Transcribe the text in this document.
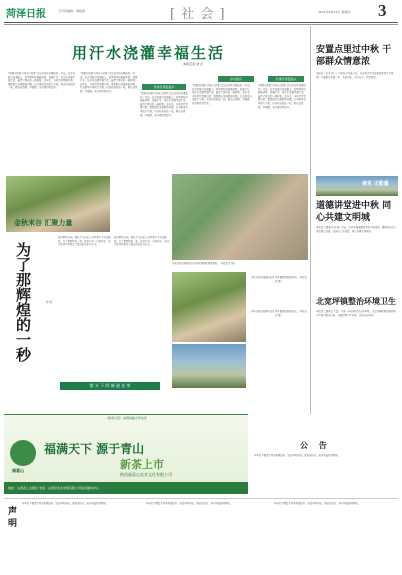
菏泽日报	专刊部编辑：黄晓燕	[ 社 会 ]	2021年8月24日 星期四 3
用汗水浇灌幸福生活
本报记者 刘 云
“把群众的事当作自己的事”这是他常挂在嘴边的一句话。在乡村振兴的道路上，他带领村民修路架桥、发展产业，用汗水浇灌幸福生活，赢得了群众的一致称赞。近年来，当地坚持党建引领，聚焦群众急难愁盼问题，扎实推进各项民生实事，村容村貌焕然一新，群众获得感、幸福感、安全感持续提升。
“把群众的事当作自己的事”这是他常挂在嘴边的一句话。在乡村振兴的道路上，他带领村民修路架桥、发展产业，用汗水浇灌幸福生活，赢得了群众的一致称赞。近年来，当地坚持党建引领，聚焦群众急难愁盼问题，扎实推进各项民生实事，村容村貌焕然一新，群众获得感、幸福感、安全感持续提升。
党建引领促振兴
“把群众的事当作自己的事”这是他常挂在嘴边的一句话。在乡村振兴的道路上，他带领村民修路架桥、发展产业，用汗水浇灌幸福生活，赢得了群众的一致称赞。近年来，当地坚持党建引领，聚焦群众急难愁盼问题，扎实推进各项民生实事，村容村貌焕然一新，群众获得感、幸福感、安全感持续提升。
乡村振兴
“把群众的事当作自己的事”这是他常挂在嘴边的一句话。在乡村振兴的道路上，他带领村民修路架桥、发展产业，用汗水浇灌幸福生活，赢得了群众的一致称赞。近年来，当地坚持党建引领，聚焦群众急难愁盼问题，扎实推进各项民生实事，村容村貌焕然一新，群众获得感、幸福感、安全感持续提升。
党建引领促振兴
“把群众的事当作自己的事”这是他常挂在嘴边的一句话。在乡村振兴的道路上，他带领村民修路架桥、发展产业，用汗水浇灌幸福生活，赢得了群众的一致称赞。近年来，当地坚持党建引领，聚焦群众急难愁盼问题，扎实推进各项民生实事，村容村貌焕然一新，群众获得感、幸福感、安全感持续提升。
金秋米谷 汇聚力量
为了那辉煌的一秒	作者
他们默默无闻，却在平凡岗位上书写着不平凡的篇章。为了那辉煌的一秒，他们日复一日地坚守，用汗水和坚持换来了群众的笑脸与认可。
他们默默无闻，却在平凡岗位上书写着不平凡的篇章。为了那辉煌的一秒，他们日复一日地坚守，用汗水和坚持换来了群众的笑脸与认可。
青年志愿者服务队在社区开展便民服务活动。（本报记者 摄）
青年志愿者服务队在社区开展便民服务活动。（本报记者 摄）
青年志愿者服务队在社区开展便民服务活动。（本报记者 摄）
镜 头 下 四 城 通 光 荣
安置点里过中秋 干部群众情意浓
本报讯（记者 刘一）中秋佳节来临之际，各安置点里洋溢着浓浓的节日氛围，干部群众欢聚一堂，共话丰收，共庆佳节，情意浓浓。
南京 正能量
道德讲堂进中秋 同心共建文明城
本报讯（通讯员 孙 静）日前，社区开展道德讲堂进中秋活动，邀请身边好人讲述感人故事，弘扬社会正能量，同心共建文明城市。
北宽坪镇整治环境卫生
本报讯（通讯员 王磊）为进一步改善农村人居环境，北宽坪镇积极开展环境卫生集中整治行动，全面清理卫生死角，提升村容村貌。
《商务日报》品牌战略合作伙伴
福喜山
福满天下 源于青山
新茶上市
陕西福喜山农业文化有限公司
地址：山西省工业园区 电话：山西县农业发展有限公司信息服务中心
公 告
本单位不慎遗失营业执照副本，特此声明作废。原发证机关：县市场监督管理局。
声 明
本单位不慎遗失营业执照副本，特此声明作废。原发证机关：县市场监督管理局。	本单位不慎遗失营业执照副本，特此声明作废。原发证机关：县市场监督管理局。	本单位不慎遗失营业执照副本，特此声明作废。原发证机关：县市场监督管理局。
